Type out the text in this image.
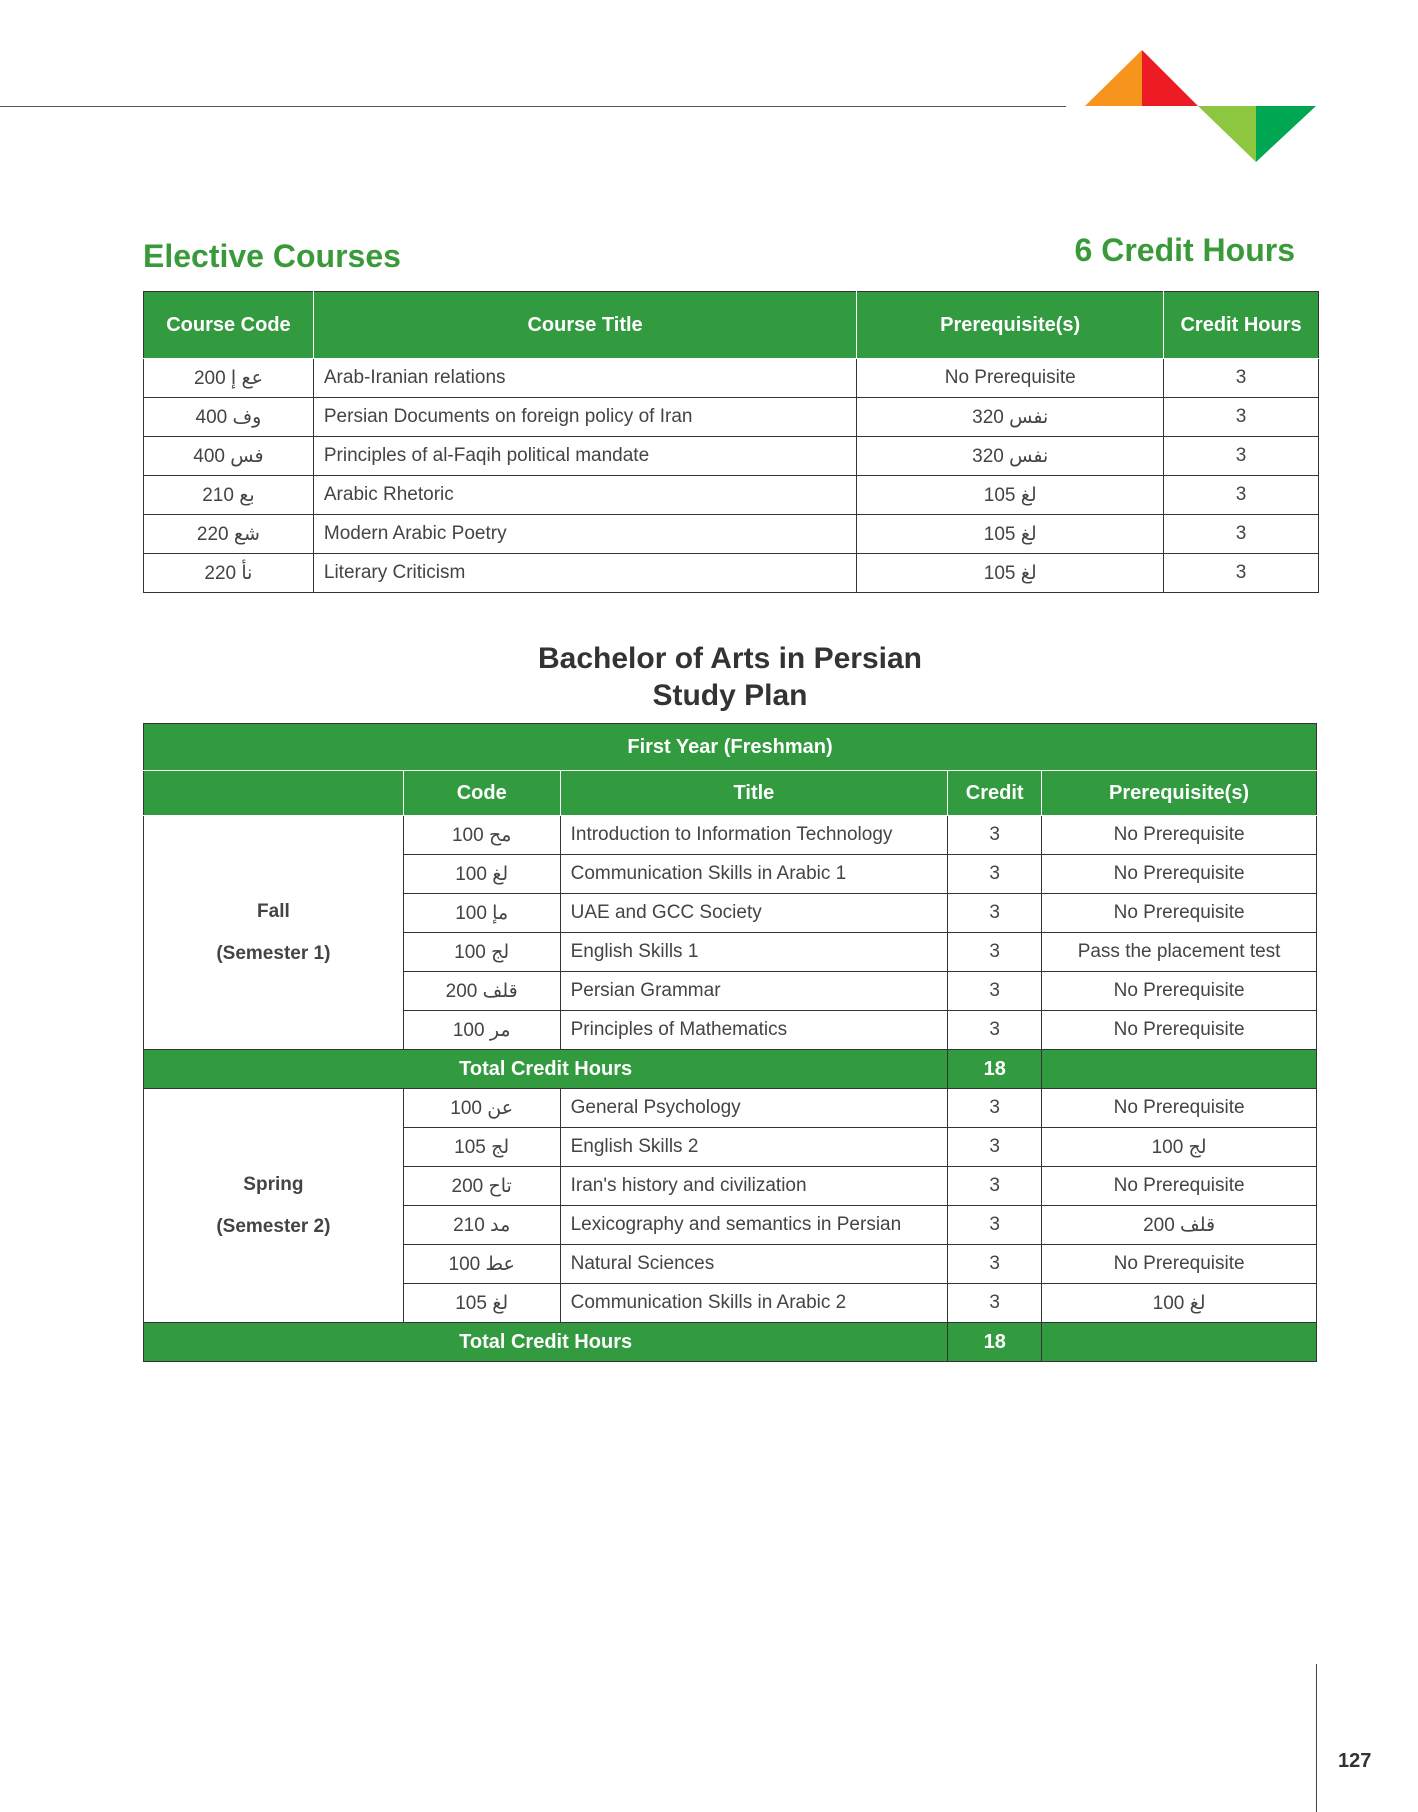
Elective Courses	6 Credit Hours
Course Code	Course Title	Prerequisite(s)	Credit Hours
عع إ 200	Arab-Iranian relations	No Prerequisite	3
وف 400	Persian Documents on foreign policy of Iran	نفس 320	3
فس 400	Principles of al-Faqih political mandate	نفس 320	3
بع 210	Arabic Rhetoric	لغ 105	3
شع 220	Modern Arabic Poetry	لغ 105	3
نأ 220	Literary Criticism	لغ 105	3
Bachelor of Arts in Persian
Study Plan
First Year (Freshman)				
	Code	Title	Credit	Prerequisite(s)

Fall
(Semester 1)	مح 100	Introduction to Information Technology	3	No Prerequisite
	لغ 100	Communication Skills in Arabic 1	3	No Prerequisite
	مإ 100	UAE and GCC Society	3	No Prerequisite
	لج 100	English Skills 1	3	Pass the placement test
	قلف 200	Persian Grammar	3	No Prerequisite
	مر 100	Principles of Mathematics	3	No Prerequisite
Total Credit Hours			18	

Spring
(Semester 2)	عن 100	General Psychology	3	No Prerequisite
	لج 105	English Skills 2	3	لج 100
	تاح 200	Iran's history and civilization	3	No Prerequisite
	مد 210	Lexicography and semantics in Persian	3	قلف 200
	عط 100	Natural Sciences	3	No Prerequisite
	لغ 105	Communication Skills in Arabic 2	3	لغ 100
Total Credit Hours			18	
127
